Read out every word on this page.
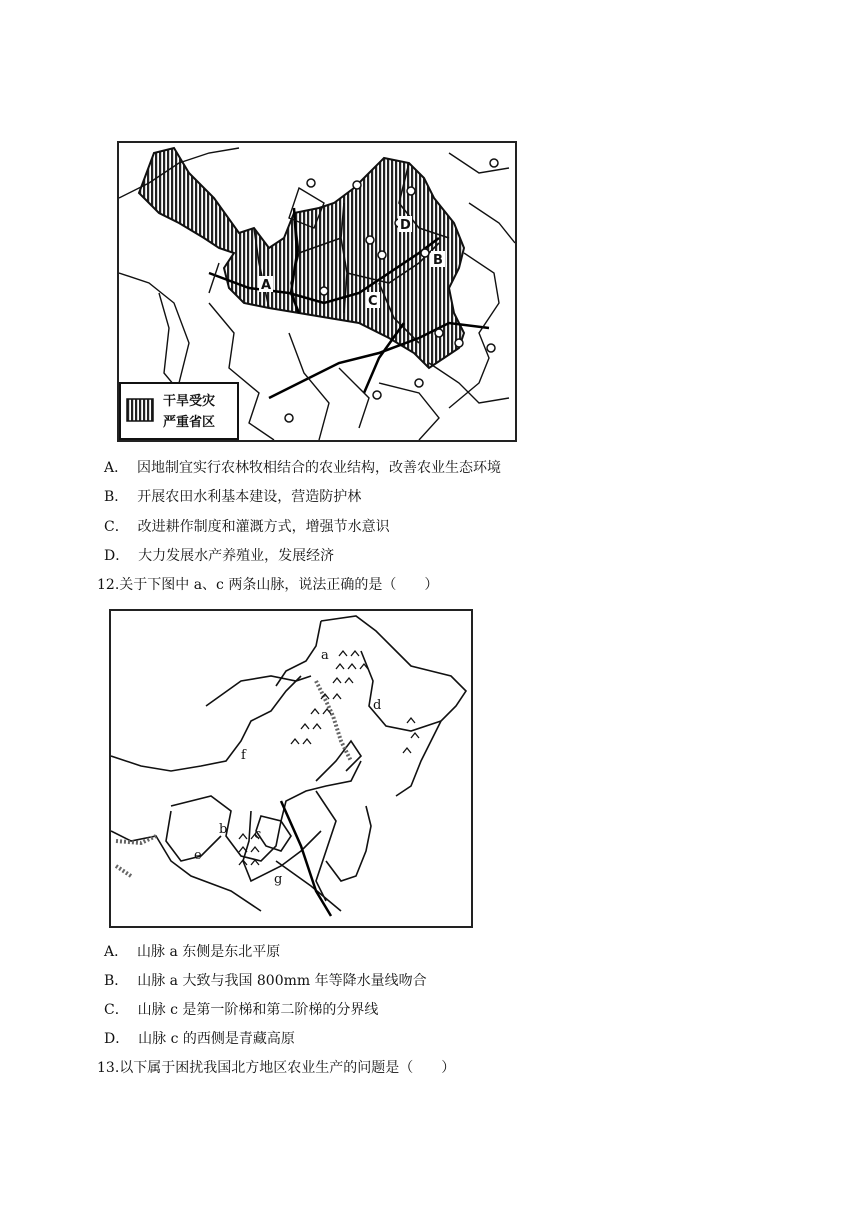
A
D
B
C
干旱受灾
严重省区
A． 因地制宜实行农林牧相结合的农业结构，改善农业生态环境
B． 开展农田水利基本建设，营造防护林
C． 改进耕作制度和灌溉方式，增强节水意识
D． 大力发展水产养殖业，发展经济
12.关于下图中 a、c 两条山脉，说法正确的是（　　）
a
b c
d
e
f
g
A． 山脉 a 东侧是东北平原
B． 山脉 a 大致与我国 800mm 年等降水量线吻合
C． 山脉 c 是第一阶梯和第二阶梯的分界线
D． 山脉 c 的西侧是青藏高原
13.以下属于困扰我国北方地区农业生产的问题是（　　）
